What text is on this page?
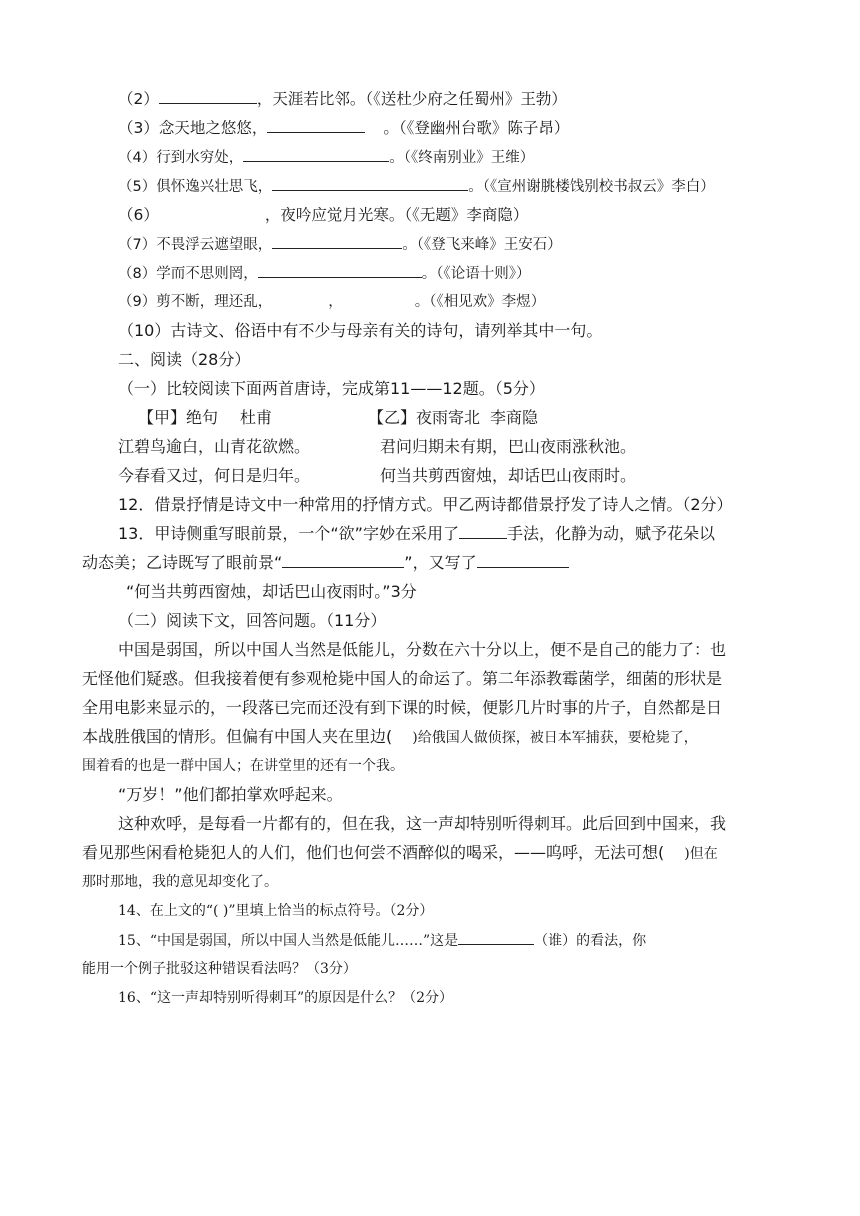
（2）	，天涯若比邻。（《送杜少府之任蜀州》王勃）
（3）念天地之悠悠，	。（《登幽州台歌》陈子昂）
（4）行到水穷处，	。（《终南别业》王维）
（5）俱怀逸兴壮思飞，	。（《宣州谢朓楼饯别校书叔云》李白）
（6）	，夜吟应觉月光寒。（《无题》李商隐）
（7）不畏浮云遮望眼，	。（《登飞来峰》王安石）
（8）学而不思则罔，	。（《论语十则》）
（9）剪不断，理还乱，	，	。（《相见欢》李煜）
（10）古诗文、俗语中有不少与母亲有关的诗句，请列举其中一句。
二、阅读（28分）
（一）比较阅读下面两首唐诗，完成第11——12题。（5分）
【甲】绝句 杜甫	【乙】夜雨寄北 李商隐
江碧鸟逾白，山青花欲燃。	君问归期未有期，巴山夜雨涨秋池。
今春看又过，何日是归年。	何当共剪西窗烛，却话巴山夜雨时。
12．借景抒情是诗文中一种常用的抒情方式。甲乙两诗都借景抒发了诗人之情。（2分）
13．甲诗侧重写眼前景，一个“欲”字妙在采用了	手法，化静为动，赋予花朵以
动态美；乙诗既写了眼前景“	”，又写了
“何当共剪西窗烛，却话巴山夜雨时。”3分
（二）阅读下文，回答问题。（11分）
中国是弱国，所以中国人当然是低能儿，分数在六十分以上，便不是自己的能力了：也
无怪他们疑惑。但我接着便有参观枪毙中国人的命运了。第二年添教霉菌学，细菌的形状是
全用电影来显示的，一段落已完而还没有到下课的时候，便影几片时事的片子，自然都是日
本战胜俄国的情形。但偏有中国人夹在里边( )给俄国人做侦探，被日本军捕获，要枪毙了，
围着看的也是一群中国人；在讲堂里的还有一个我。
“万岁！”他们都拍掌欢呼起来。
这种欢呼，是每看一片都有的，但在我，这一声却特别听得刺耳。此后回到中国来，我
看见那些闲看枪毙犯人的人们，他们也何尝不酒醉似的喝采，——呜呼，无法可想( )但在
那时那地，我的意见却变化了。
14、在上文的“( )”里填上恰当的标点符号。（2分）
15、“中国是弱国，所以中国人当然是低能儿……”这是	（谁）的看法，你
能用一个例子批驳这种错误看法吗？（3分）
16、“这一声却特别听得刺耳”的原因是什么？（2分）
